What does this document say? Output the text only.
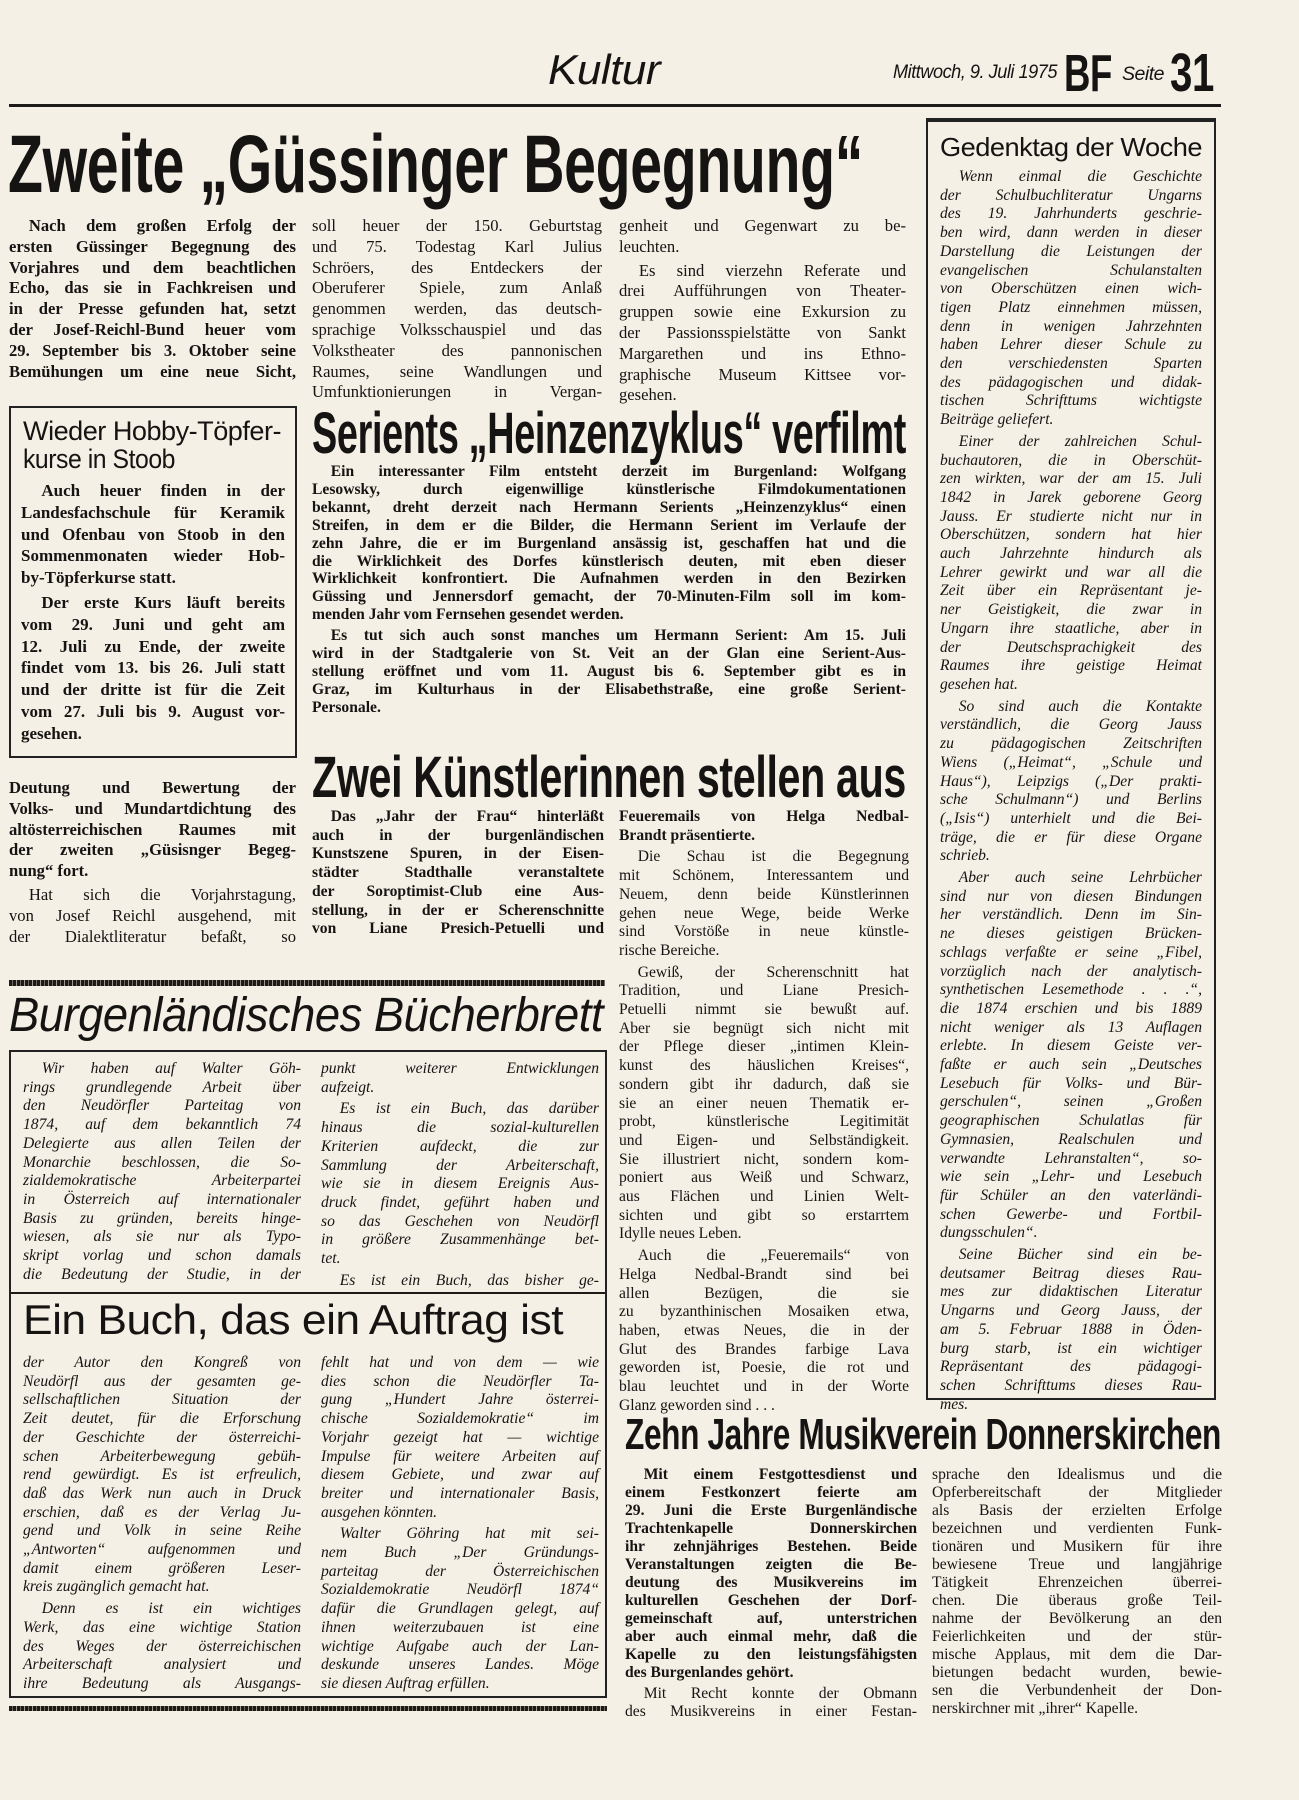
Kultur	Mittwoch, 9. Juli 1975 BF Seite 31
Zweite „Güssinger Begegnung“
Nach dem großen Erfolg der
ersten Güssinger Begegnung des
Vorjahres und dem beachtlichen
Echo, das sie in Fachkreisen und
in der Presse gefunden hat, setzt
der Josef-Reichl-Bund heuer vom
29. September bis 3. Oktober seine
Bemühungen um eine neue Sicht,
soll heuer der 150. Geburtstag
und 75. Todestag Karl Julius
Schröers, des Entdeckers der
Oberuferer Spiele, zum Anlaß
genommen werden, das deutsch-
sprachige Volksschauspiel und das
Volkstheater des pannonischen
Raumes, seine Wandlungen und
Umfunktionierungen in Vergan-
genheit und Gegenwart zu be-
leuchten.
Es sind vierzehn Referate und
drei Aufführungen von Theater-
gruppen sowie eine Exkursion zu
der Passionsspielstätte von Sankt
Margarethen und ins Ethno-
graphische Museum Kittsee vor-
gesehen.
Wieder Hobby-Töpfer-
kurse in Stoob
Auch heuer finden in der
Landesfachschule für Keramik
und Ofenbau von Stoob in den
Sommenmonaten wieder Hob-
by-Töpferkurse statt.
Der erste Kurs läuft bereits
vom 29. Juni und geht am
12. Juli zu Ende, der zweite
findet vom 13. bis 26. Juli statt
und der dritte ist für die Zeit
vom 27. Juli bis 9. August vor-
gesehen.
Deutung und Bewertung der
Volks- und Mundartdichtung des
altösterreichischen Raumes mit
der zweiten „Güsisnger Begeg-
nung“ fort.
Hat sich die Vorjahrstagung,
von Josef Reichl ausgehend, mit
der Dialektliteratur befaßt, so
Serients „Heinzenzyklus“ verfilmt
Ein interessanter Film entsteht derzeit im Burgenland: Wolfgang
Lesowsky, durch eigenwillige künstlerische Filmdokumentationen
bekannt, dreht derzeit nach Hermann Serients „Heinzenzyklus“ einen
Streifen, in dem er die Bilder, die Hermann Serient im Verlaufe der
zehn Jahre, die er im Burgenland ansässig ist, geschaffen hat und die
die Wirklichkeit des Dorfes künstlerisch deuten, mit eben dieser
Wirklichkeit konfrontiert. Die Aufnahmen werden in den Bezirken
Güssing und Jennersdorf gemacht, der 70-Minuten-Film soll im kom-
menden Jahr vom Fernsehen gesendet werden.
Es tut sich auch sonst manches um Hermann Serient: Am 15. Juli
wird in der Stadtgalerie von St. Veit an der Glan eine Serient-Aus-
stellung eröffnet und vom 11. August bis 6. September gibt es in
Graz, im Kulturhaus in der Elisabethstraße, eine große Serient-
Personale.
Zwei Künstlerinnen stellen aus
Das „Jahr der Frau“ hinterläßt
auch in der burgenländischen
Kunstszene Spuren, in der Eisen-
städter Stadthalle veranstaltete
der Soroptimist-Club eine Aus-
stellung, in der er Scherenschnitte
von Liane Presich-Petuelli und
Feueremails von Helga Nedbal-
Brandt präsentierte.
Die Schau ist die Begegnung
mit Schönem, Interessantem und
Neuem, denn beide Künstlerinnen
gehen neue Wege, beide Werke
sind Vorstöße in neue künstle-
rische Bereiche.
Gewiß, der Scherenschnitt hat
Tradition, und Liane Presich-
Petuelli nimmt sie bewußt auf.
Aber sie begnügt sich nicht mit
der Pflege dieser „intimen Klein-
kunst des häuslichen Kreises“,
sondern gibt ihr dadurch, daß sie
sie an einer neuen Thematik er-
probt, künstlerische Legitimität
und Eigen- und Selbständigkeit.
Sie illustriert nicht, sondern kom-
poniert aus Weiß und Schwarz,
aus Flächen und Linien Welt-
sichten und gibt so erstarrtem
Idylle neues Leben.
Auch die „Feueremails“ von
Helga Nedbal-Brandt sind bei
allen Bezügen, die sie
zu byzanthinischen Mosaiken etwa,
haben, etwas Neues, die in der
Glut des Brandes farbige Lava
geworden ist, Poesie, die rot und
blau leuchtet und in der Worte
Glanz geworden sind . . .
Gedenktag der Woche
Wenn einmal die Geschichte
der Schulbuchliteratur Ungarns
des 19. Jahrhunderts geschrie-
ben wird, dann werden in dieser
Darstellung die Leistungen der
evangelischen Schulanstalten
von Oberschützen einen wich-
tigen Platz einnehmen müssen,
denn in wenigen Jahrzehnten
haben Lehrer dieser Schule zu
den verschiedensten Sparten
des pädagogischen und didak-
tischen Schrifttums wichtigste
Beiträge geliefert.
Einer der zahlreichen Schul-
buchautoren, die in Oberschüt-
zen wirkten, war der am 15. Juli
1842 in Jarek geborene Georg
Jauss. Er studierte nicht nur in
Oberschützen, sondern hat hier
auch Jahrzehnte hindurch als
Lehrer gewirkt und war all die
Zeit über ein Repräsentant je-
ner Geistigkeit, die zwar in
Ungarn ihre staatliche, aber in
der Deutschsprachigkeit des
Raumes ihre geistige Heimat
gesehen hat.
So sind auch die Kontakte
verständlich, die Georg Jauss
zu pädagogischen Zeitschriften
Wiens („Heimat“, „Schule und
Haus“), Leipzigs („Der prakti-
sche Schulmann“) und Berlins
(„Isis“) unterhielt und die Bei-
träge, die er für diese Organe
schrieb.
Aber auch seine Lehrbücher
sind nur von diesen Bindungen
her verständlich. Denn im Sin-
ne dieses geistigen Brücken-
schlags verfaßte er seine „Fibel,
vorzüglich nach der analytisch-
synthetischen Lesemethode . . .“,
die 1874 erschien und bis 1889
nicht weniger als 13 Auflagen
erlebte. In diesem Geiste ver-
faßte er auch sein „Deutsches
Lesebuch für Volks- und Bür-
gerschulen“, seinen „Großen
geographischen Schulatlas für
Gymnasien, Realschulen und
verwandte Lehranstalten“, so-
wie sein „Lehr- und Lesebuch
für Schüler an den vaterländi-
schen Gewerbe- und Fortbil-
dungsschulen“.
Seine Bücher sind ein be-
deutsamer Beitrag dieses Rau-
mes zur didaktischen Literatur
Ungarns und Georg Jauss, der
am 5. Februar 1888 in Öden-
burg starb, ist ein wichtiger
Repräsentant des pädagogi-
schen Schrifttums dieses Rau-
mes.
Burgenländisches Bücherbrett
Wir haben auf Walter Göh-
rings grundlegende Arbeit über
den Neudörfler Parteitag von
1874, auf dem bekanntlich 74
Delegierte aus allen Teilen der
Monarchie beschlossen, die So-
zialdemokratische Arbeiterpartei
in Österreich auf internationaler
Basis zu gründen, bereits hinge-
wiesen, als sie nur als Typo-
skript vorlag und schon damals
die Bedeutung der Studie, in der
punkt weiterer Entwicklungen
aufzeigt.
Es ist ein Buch, das darüber
hinaus die sozial-kulturellen
Kriterien aufdeckt, die zur
Sammlung der Arbeiterschaft,
wie sie in diesem Ereignis Aus-
druck findet, geführt haben und
so das Geschehen von Neudörfl
in größere Zusammenhänge bet-
tet.
Es ist ein Buch, das bisher ge-
Ein Buch, das ein Auftrag ist
der Autor den Kongreß von
Neudörfl aus der gesamten ge-
sellschaftlichen Situation der
Zeit deutet, für die Erforschung
der Geschichte der österreichi-
schen Arbeiterbewegung gebüh-
rend gewürdigt. Es ist erfreulich,
daß das Werk nun auch in Druck
erschien, daß es der Verlag Ju-
gend und Volk in seine Reihe
„Antworten“ aufgenommen und
damit einem größeren Leser-
kreis zugänglich gemacht hat.
Denn es ist ein wichtiges
Werk, das eine wichtige Station
des Weges der österreichischen
Arbeiterschaft analysiert und
ihre Bedeutung als Ausgangs-
fehlt hat und von dem — wie
dies schon die Neudörfler Ta-
gung „Hundert Jahre österrei-
chische Sozialdemokratie“ im
Vorjahr gezeigt hat — wichtige
Impulse für weitere Arbeiten auf
diesem Gebiete, und zwar auf
breiter und internationaler Basis,
ausgehen könnten.
Walter Göhring hat mit sei-
nem Buch „Der Gründungs-
parteitag der Österreichischen
Sozialdemokratie Neudörfl 1874“
dafür die Grundlagen gelegt, auf
ihnen weiterzubauen ist eine
wichtige Aufgabe auch der Lan-
deskunde unseres Landes. Möge
sie diesen Auftrag erfüllen.
Zehn Jahre Musikverein Donnerskirchen
Mit einem Festgottesdienst und
einem Festkonzert feierte am
29. Juni die Erste Burgenländische
Trachtenkapelle Donnerskirchen
ihr zehnjähriges Bestehen. Beide
Veranstaltungen zeigten die Be-
deutung des Musikvereins im
kulturellen Geschehen der Dorf-
gemeinschaft auf, unterstrichen
aber auch einmal mehr, daß die
Kapelle zu den leistungsfähigsten
des Burgenlandes gehört.
Mit Recht konnte der Obmann
des Musikvereins in einer Festan-
sprache den Idealismus und die
Opferbereitschaft der Mitglieder
als Basis der erzielten Erfolge
bezeichnen und verdienten Funk-
tionären und Musikern für ihre
bewiesene Treue und langjährige
Tätigkeit Ehrenzeichen überrei-
chen. Die überaus große Teil-
nahme der Bevölkerung an den
Feierlichkeiten und der stür-
mische Applaus, mit dem die Dar-
bietungen bedacht wurden, bewie-
sen die Verbundenheit der Don-
nerskirchner mit „ihrer“ Kapelle.
